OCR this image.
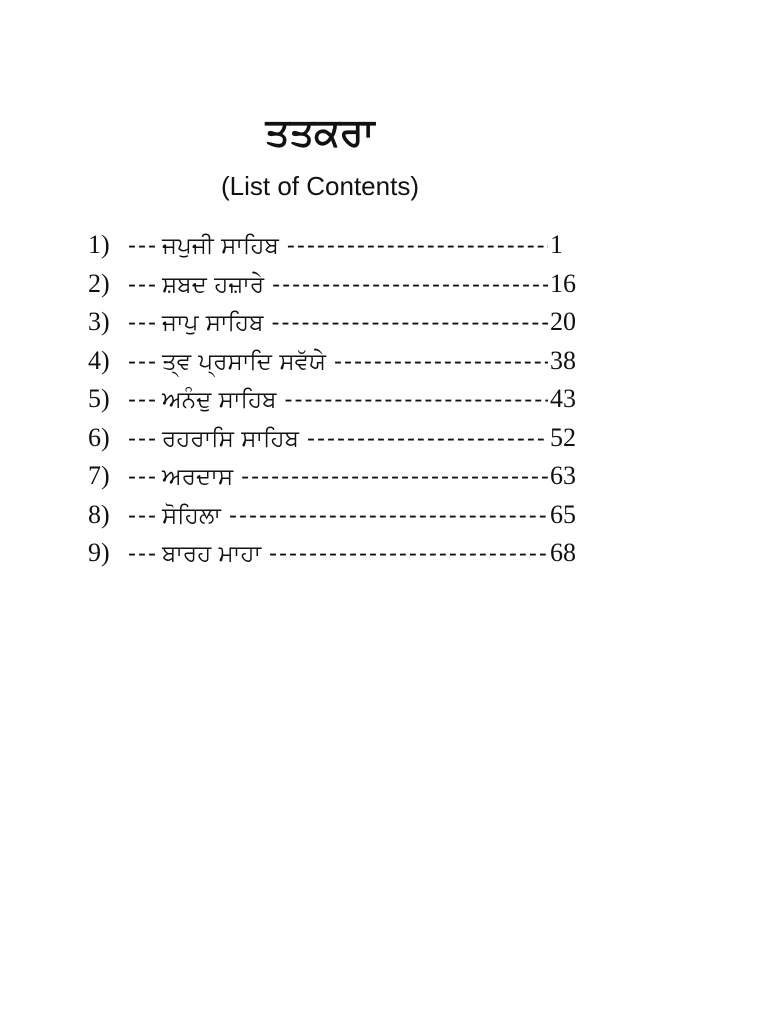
ਤਤਕਰਾ

(List of Contents)

1) --- ਜਪੁਜੀ ਸਾਹਿਬ -----	1
2) --- ਸ਼ਬਦ ਹਜ਼ਾਰੇ -----	16
3) --- ਜਾਪੁ ਸਾਹਿਬ -----	20
4) --- ਤ੍ਵ ਪ੍ਰਸਾਦਿ ਸਵੱਯੇ -----	38
5) --- ਅਨੰਦੁ ਸਾਹਿਬ -----	43
6) --- ਰਹਰਾਸਿ ਸਾਹਿਬ -----	52
7) --- ਅਰਦਾਸ -----	63
8) --- ਸੋਹਿਲਾ -----	65
9) --- ਬਾਰਹ ਮਾਹਾ -----	68
